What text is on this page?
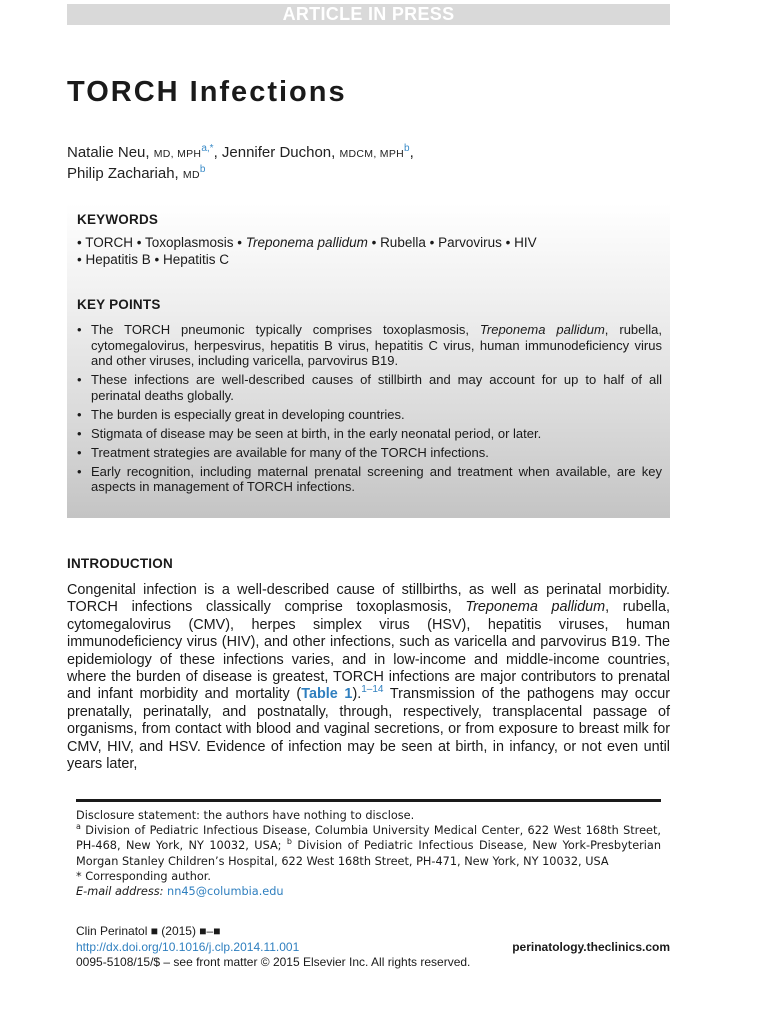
ARTICLE IN PRESS
TORCH Infections
Natalie Neu, MD, MPH$^{a,*}$, Jennifer Duchon, MDCM, MPH$^b$,
Philip Zachariah, MD$^b$
KEYWORDS
• TORCH • Toxoplasmosis • Treponema pallidum • Rubella • Parvovirus • HIV
• Hepatitis B • Hepatitis C
KEY POINTS
• The TORCH pneumonic typically comprises toxoplasmosis, Treponema pallidum, rubella, cytomegalovirus, herpesvirus, hepatitis B virus, hepatitis C virus, human immunodeficiency virus and other viruses, including varicella, parvovirus B19.
• These infections are well-described causes of stillbirth and may account for up to half of all perinatal deaths globally.
• The burden is especially great in developing countries.
• Stigmata of disease may be seen at birth, in the early neonatal period, or later.
• Treatment strategies are available for many of the TORCH infections.
• Early recognition, including maternal prenatal screening and treatment when available, are key aspects in management of TORCH infections.
INTRODUCTION

Congenital infection is a well-described cause of stillbirths, as well as perinatal morbidity. TORCH infections classically comprise toxoplasmosis, Treponema pallidum, rubella, cytomegalovirus (CMV), herpes simplex virus (HSV), hepatitis viruses, human immunodeficiency virus (HIV), and other infections, such as varicella and parvovirus B19. The epidemiology of these infections varies, and in low-income and middle-income countries, where the burden of disease is greatest, TORCH infections are major contributors to prenatal and infant morbidity and mortality (Table 1).$^{1-14}$ Transmission of the pathogens may occur prenatally, perinatally, and postnatally, through, respectively, transplacental passage of organisms, from contact with blood and vaginal secretions, or from exposure to breast milk for CMV, HIV, and HSV. Evidence of infection may be seen at birth, in infancy, or not even until years later,

Disclosure statement: the authors have nothing to disclose.
$^a$ Division of Pediatric Infectious Disease, Columbia University Medical Center, 622 West 168th Street, PH-468, New York, NY 10032, USA; $^b$ Division of Pediatric Infectious Disease, New York-Presbyterian Morgan Stanley Children’s Hospital, 622 West 168th Street, PH-471, New York, NY 10032, USA
* Corresponding author.
E-mail address: nn45@columbia.edu
Clin Perinatol ■ (2015) ■–■
http://dx.doi.org/10.1016/j.clp.2014.11.001	perinatology.theclinics.com
0095-5108/15/$ – see front matter © 2015 Elsevier Inc. All rights reserved.
